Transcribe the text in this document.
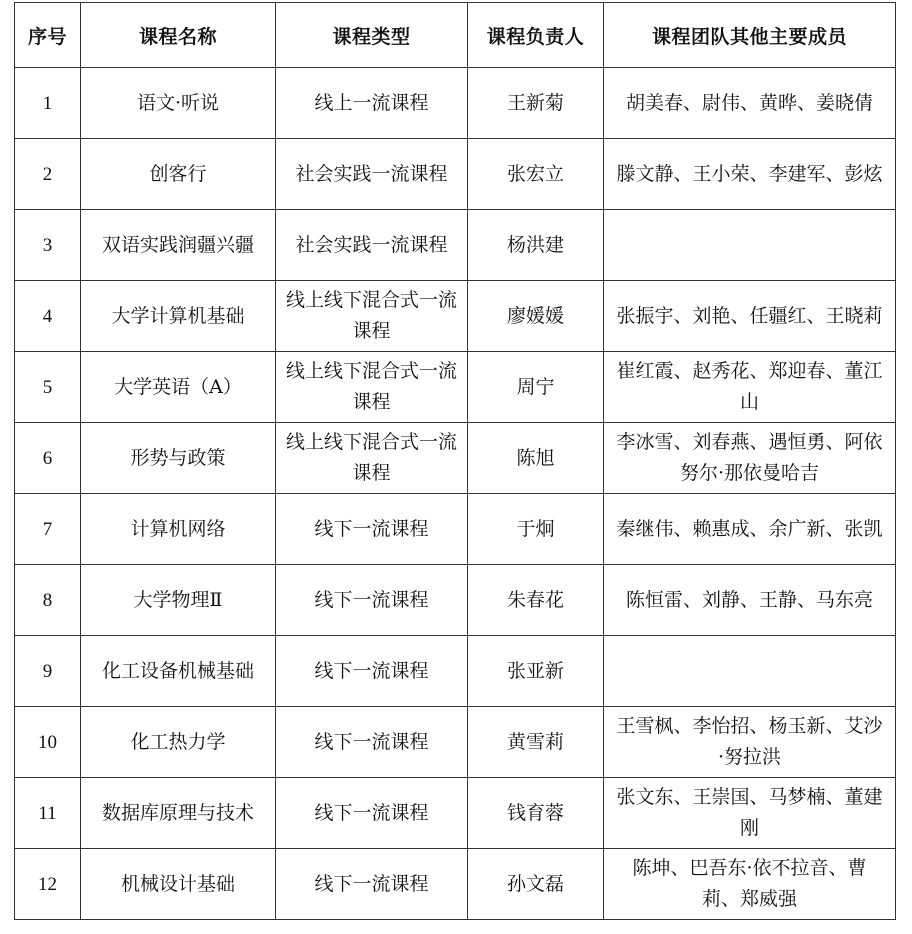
序号	课程名称	课程类型	课程负责人	课程团队其他主要成员
1	语文·听说	线上一流课程	王新菊	胡美春、尉伟、黄晔、姜晓倩
2	创客行	社会实践一流课程	张宏立	滕文静、王小荣、李建军、彭炫
3	双语实践润疆兴疆	社会实践一流课程	杨洪建	
4	大学计算机基础	线上线下混合式一流课程	廖媛媛	张振宇、刘艳、任疆红、王晓莉
5	大学英语（A）	线上线下混合式一流课程	周宁	崔红霞、赵秀花、郑迎春、董江山
6	形势与政策	线上线下混合式一流课程	陈旭	李冰雪、刘春燕、遇恒勇、阿依努尔·那依曼哈吉
7	计算机网络	线下一流课程	于炯	秦继伟、赖惠成、余广新、张凯
8	大学物理Ⅱ	线下一流课程	朱春花	陈恒雷、刘静、王静、马东亮
9	化工设备机械基础	线下一流课程	张亚新	
10	化工热力学	线下一流课程	黄雪莉	王雪枫、李怡招、杨玉新、艾沙·努拉洪
11	数据库原理与技术	线下一流课程	钱育蓉	张文东、王崇国、马梦楠、董建刚
12	机械设计基础	线下一流课程	孙文磊	陈坤、巴吾东·依不拉音、曹莉、郑威强
